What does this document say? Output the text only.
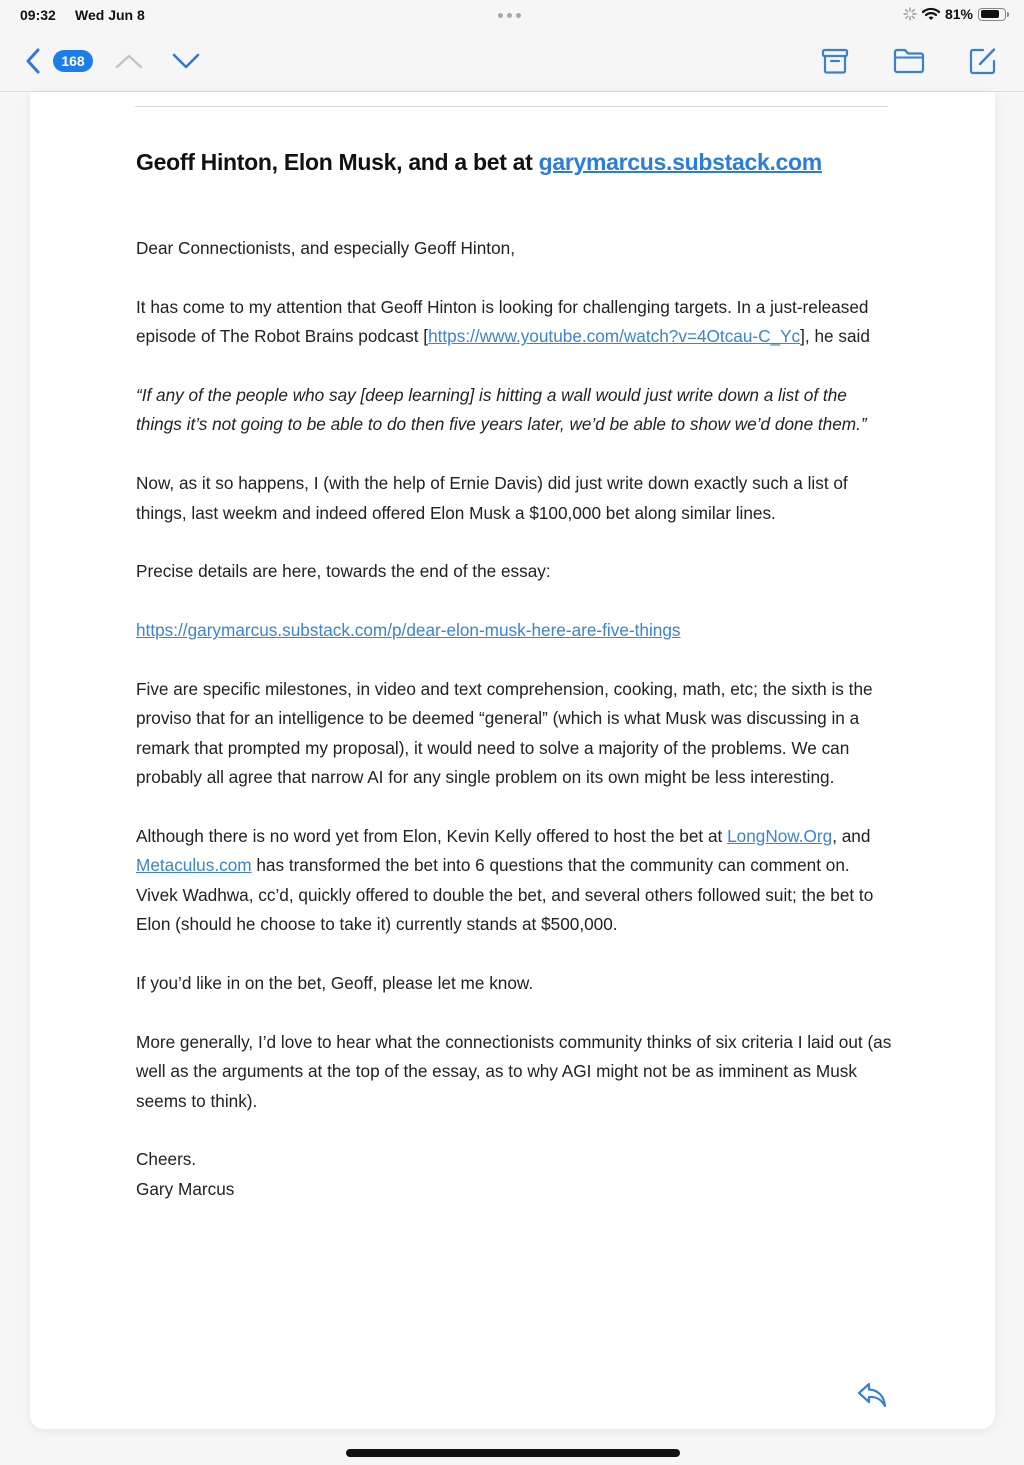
09:32 Wed Jun 8	81%
168
Geoff Hinton, Elon Musk, and a bet at garymarcus.substack.com

Dear Connectionists, and especially Geoff Hinton,

It has come to my attention that Geoff Hinton is looking for challenging targets. In a just-released episode of The Robot Brains podcast [https://www.youtube.com/watch?v=4Otcau-C_Yc], he said

“If any of the people who say [deep learning] is hitting a wall would just write down a list of the things it’s not going to be able to do then five years later, we’d be able to show we’d done them.”

Now, as it so happens, I (with the help of Ernie Davis) did just write down exactly such a list of things, last weekm and indeed offered Elon Musk a $100,000 bet along similar lines.

Precise details are here, towards the end of the essay:

https://garymarcus.substack.com/p/dear-elon-musk-here-are-five-things

Five are specific milestones, in video and text comprehension, cooking, math, etc; the sixth is the proviso that for an intelligence to be deemed “general” (which is what Musk was discussing in a remark that prompted my proposal), it would need to solve a majority of the problems. We can probably all agree that narrow AI for any single problem on its own might be less interesting.

Although there is no word yet from Elon, Kevin Kelly offered to host the bet at LongNow.Org, and Metaculus.com has transformed the bet into 6 questions that the community can comment on. Vivek Wadhwa, cc’d, quickly offered to double the bet, and several others followed suit; the bet to Elon (should he choose to take it) currently stands at $500,000.

If you’d like in on the bet, Geoff, please let me know.

More generally, I’d love to hear what the connectionists community thinks of six criteria I laid out (as well as the arguments at the top of the essay, as to why AGI might not be as imminent as Musk seems to think).

Cheers.

Gary Marcus
